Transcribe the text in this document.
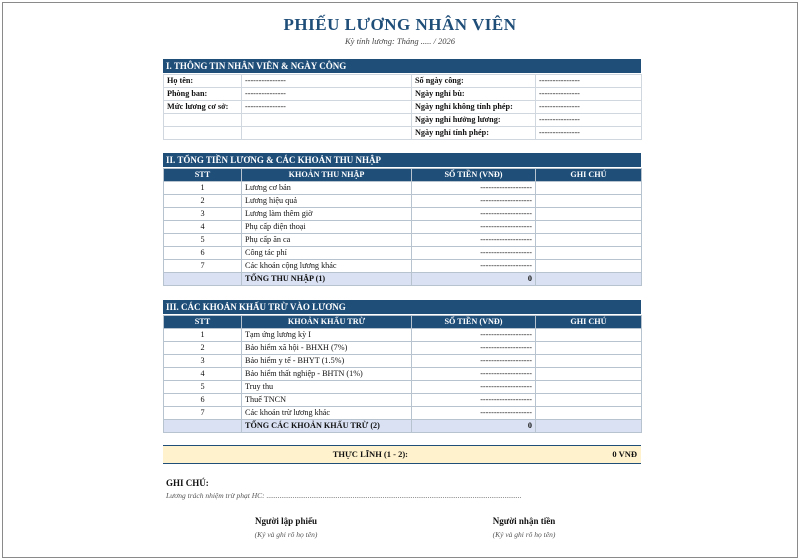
PHIẾU LƯƠNG NHÂN VIÊN
Kỳ tính lương: Tháng ..... / 2026
I. THÔNG TIN NHÂN VIÊN & NGÀY CÔNG
Họ tên:	---------------	Số ngày công:	---------------
Phòng ban:	---------------	Ngày nghỉ bù:	---------------
Mức lương cơ sở:	---------------	Ngày nghỉ không tính phép:	---------------
		Ngày nghỉ hưởng lương:	---------------
		Ngày nghỉ tính phép:	---------------
II. TỔNG TIỀN LƯƠNG & CÁC KHOẢN THU NHẬP
STT	KHOẢN THU NHẬP	SỐ TIỀN (VNĐ)	GHI CHÚ
1	Lương cơ bản	-------------------	
2	Lương hiệu quả	-------------------	
3	Lương làm thêm giờ	-------------------	
4	Phụ cấp điện thoại	-------------------	
5	Phụ cấp ăn ca	-------------------	
6	Công tác phí	-------------------	
7	Các khoản cộng lương khác	-------------------	
	TỔNG THU NHẬP (1)	0	
III. CÁC KHOẢN KHẤU TRỪ VÀO LƯƠNG
STT	KHOẢN KHẤU TRỪ	SỐ TIỀN (VNĐ)	GHI CHÚ
1	Tạm ứng lương kỳ I	-------------------	
2	Bảo hiểm xã hội - BHXH (7%)	-------------------	
3	Bảo hiểm y tế - BHYT (1.5%)	-------------------	
4	Bảo hiểm thất nghiệp - BHTN (1%)	-------------------	
5	Truy thu	-------------------	
6	Thuế TNCN	-------------------	
7	Các khoản trừ lương khác	-------------------	
	TỔNG CÁC KHOẢN KHẤU TRỪ (2)	0	
THỰC LĨNH (1 - 2):	0 VNĐ
GHI CHÚ:
Lương trách nhiệm trừ phạt HC: ........................................................................................................................................
Người lập phiếu
(Ký và ghi rõ họ tên)
Người nhận tiền
(Ký và ghi rõ họ tên)
